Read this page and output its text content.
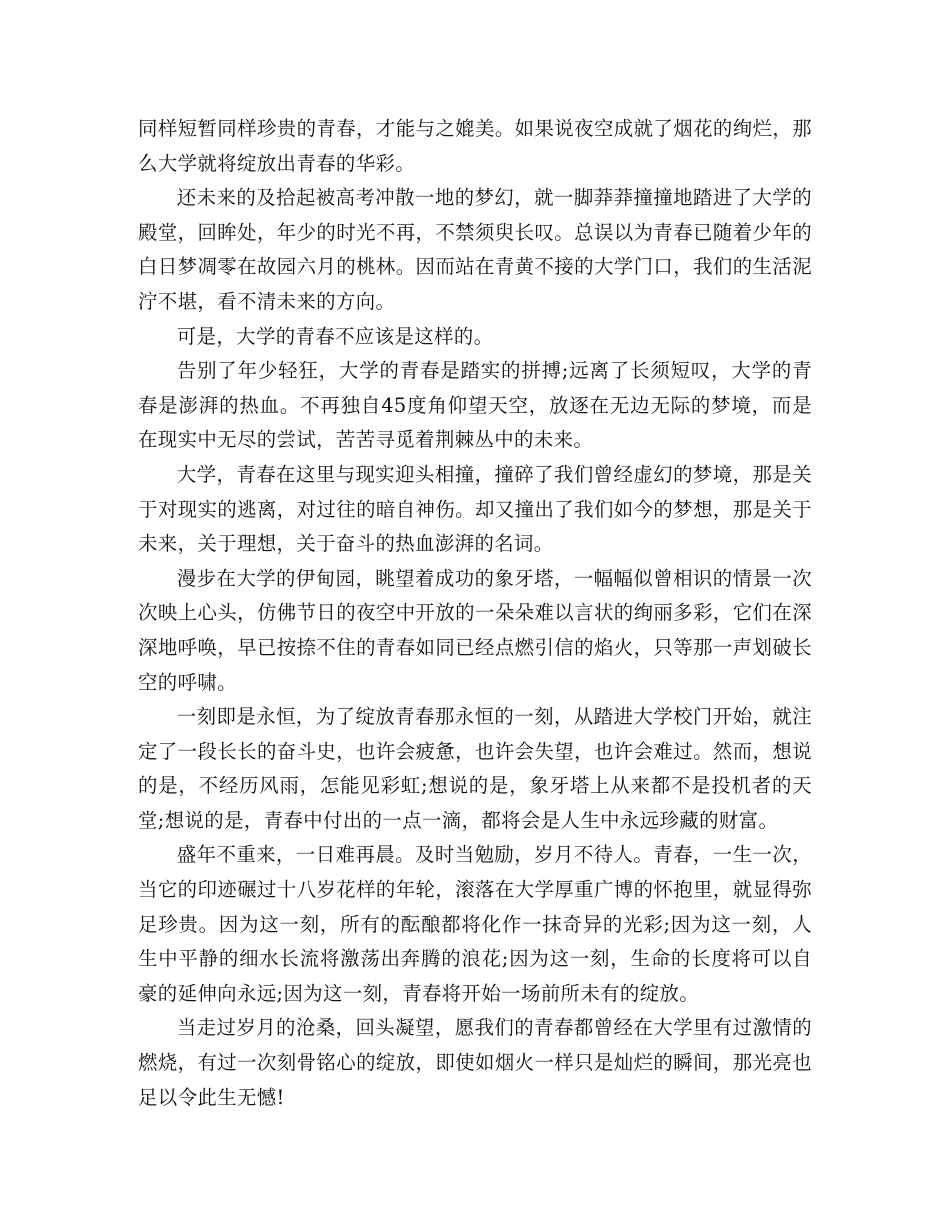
同样短暂同样珍贵的青春，才能与之媲美。如果说夜空成就了烟花的绚烂，那么大学就将绽放出青春的华彩。

还未来的及拾起被高考冲散一地的梦幻，就一脚莽莽撞撞地踏进了大学的殿堂，回眸处，年少的时光不再，不禁须臾长叹。总误以为青春已随着少年的白日梦凋零在故园六月的桃林。因而站在青黄不接的大学门口，我们的生活泥泞不堪，看不清未来的方向。

可是，大学的青春不应该是这样的。

告别了年少轻狂，大学的青春是踏实的拼搏;远离了长须短叹，大学的青春是澎湃的热血。不再独自45度角仰望天空，放逐在无边无际的梦境，而是在现实中无尽的尝试，苦苦寻觅着荆棘丛中的未来。

大学，青春在这里与现实迎头相撞，撞碎了我们曾经虚幻的梦境，那是关于对现实的逃离，对过往的暗自神伤。却又撞出了我们如今的梦想，那是关于未来，关于理想，关于奋斗的热血澎湃的名词。

漫步在大学的伊甸园，眺望着成功的象牙塔，一幅幅似曾相识的情景一次次映上心头，仿佛节日的夜空中开放的一朵朵难以言状的绚丽多彩，它们在深深地呼唤，早已按捺不住的青春如同已经点燃引信的焰火，只等那一声划破长空的呼啸。

一刻即是永恒，为了绽放青春那永恒的一刻，从踏进大学校门开始，就注定了一段长长的奋斗史，也许会疲惫，也许会失望，也许会难过。然而，想说的是，不经历风雨，怎能见彩虹;想说的是，象牙塔上从来都不是投机者的天堂;想说的是，青春中付出的一点一滴，都将会是人生中永远珍藏的财富。

盛年不重来，一日难再晨。及时当勉励，岁月不待人。青春，一生一次，当它的印迹碾过十八岁花样的年轮，滚落在大学厚重广博的怀抱里，就显得弥足珍贵。因为这一刻，所有的酝酿都将化作一抹奇异的光彩;因为这一刻，人生中平静的细水长流将激荡出奔腾的浪花;因为这一刻，生命的长度将可以自豪的延伸向永远;因为这一刻，青春将开始一场前所未有的绽放。

当走过岁月的沧桑，回头凝望，愿我们的青春都曾经在大学里有过激情的燃烧，有过一次刻骨铭心的绽放，即使如烟火一样只是灿烂的瞬间，那光亮也足以令此生无憾!
